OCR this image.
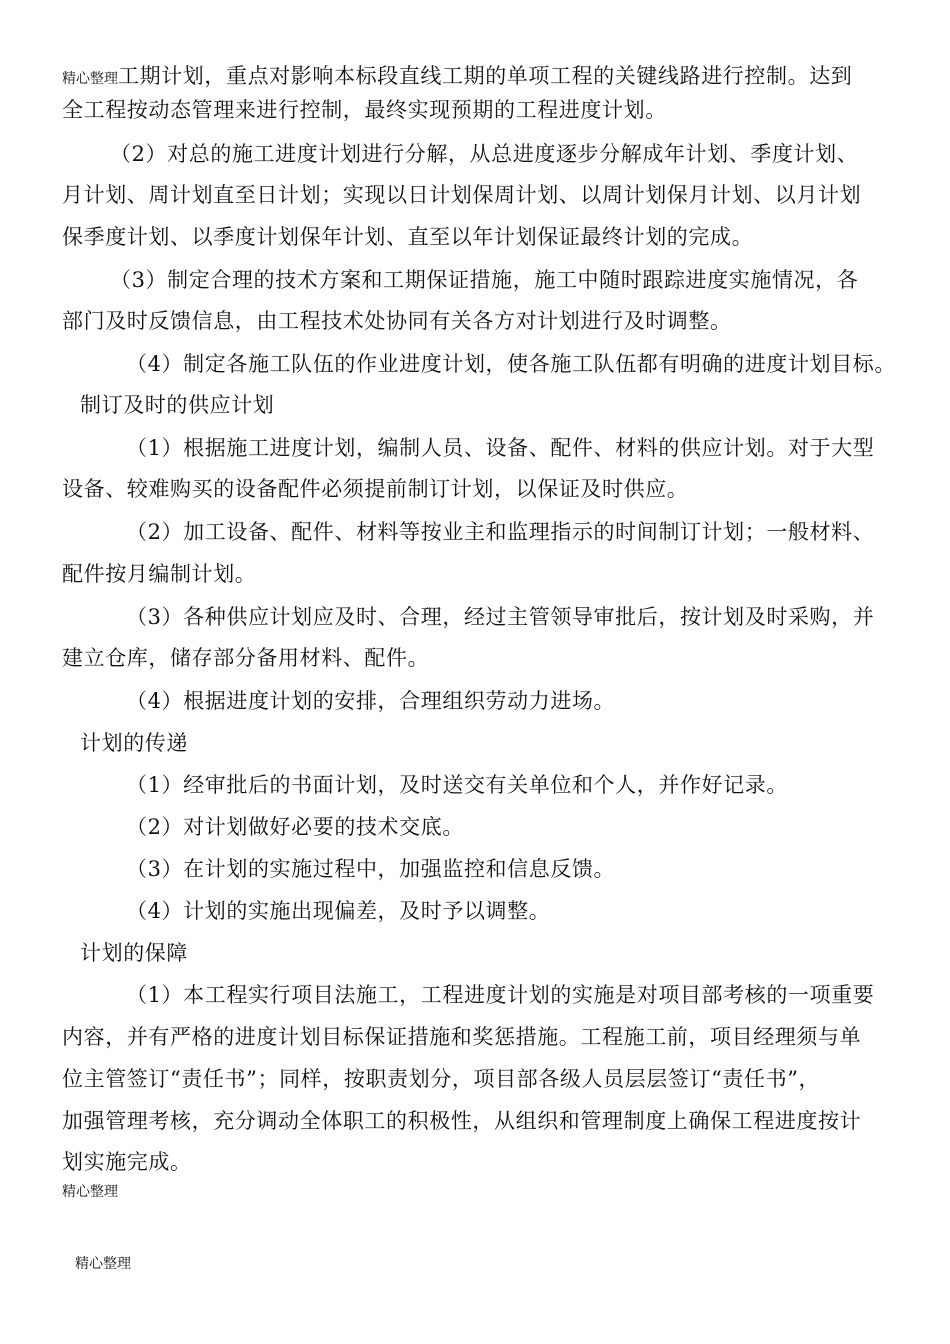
精心整理工期计划，重点对影响本标段直线工期的单项工程的关键线路进行控制。达到
全工程按动态管理来进行控制，最终实现预期的工程进度计划。
（2）对总的施工进度计划进行分解，从总进度逐步分解成年计划、季度计划、
月计划、周计划直至日计划；实现以日计划保周计划、以周计划保月计划、以月计划
保季度计划、以季度计划保年计划、直至以年计划保证最终计划的完成。
（3）制定合理的技术方案和工期保证措施，施工中随时跟踪进度实施情况，各
部门及时反馈信息，由工程技术处协同有关各方对计划进行及时调整。
（4）制定各施工队伍的作业进度计划，使各施工队伍都有明确的进度计划目标。
制订及时的供应计划
（1）根据施工进度计划，编制人员、设备、配件、材料的供应计划。对于大型
设备、较难购买的设备配件必须提前制订计划，以保证及时供应。
（2）加工设备、配件、材料等按业主和监理指示的时间制订计划；一般材料、
配件按月编制计划。
（3）各种供应计划应及时、合理，经过主管领导审批后，按计划及时采购，并
建立仓库，储存部分备用材料、配件。
（4）根据进度计划的安排，合理组织劳动力进场。
计划的传递
（1）经审批后的书面计划，及时送交有关单位和个人，并作好记录。
（2）对计划做好必要的技术交底。
（3）在计划的实施过程中，加强监控和信息反馈。
（4）计划的实施出现偏差，及时予以调整。
计划的保障
（1）本工程实行项目法施工，工程进度计划的实施是对项目部考核的一项重要
内容，并有严格的进度计划目标保证措施和奖惩措施。工程施工前，项目经理须与单
位主管签订“责任书”；同样，按职责划分，项目部各级人员层层签订“责任书”，
加强管理考核，充分调动全体职工的积极性，从组织和管理制度上确保工程进度按计
划实施完成。
精心整理
精心整理
